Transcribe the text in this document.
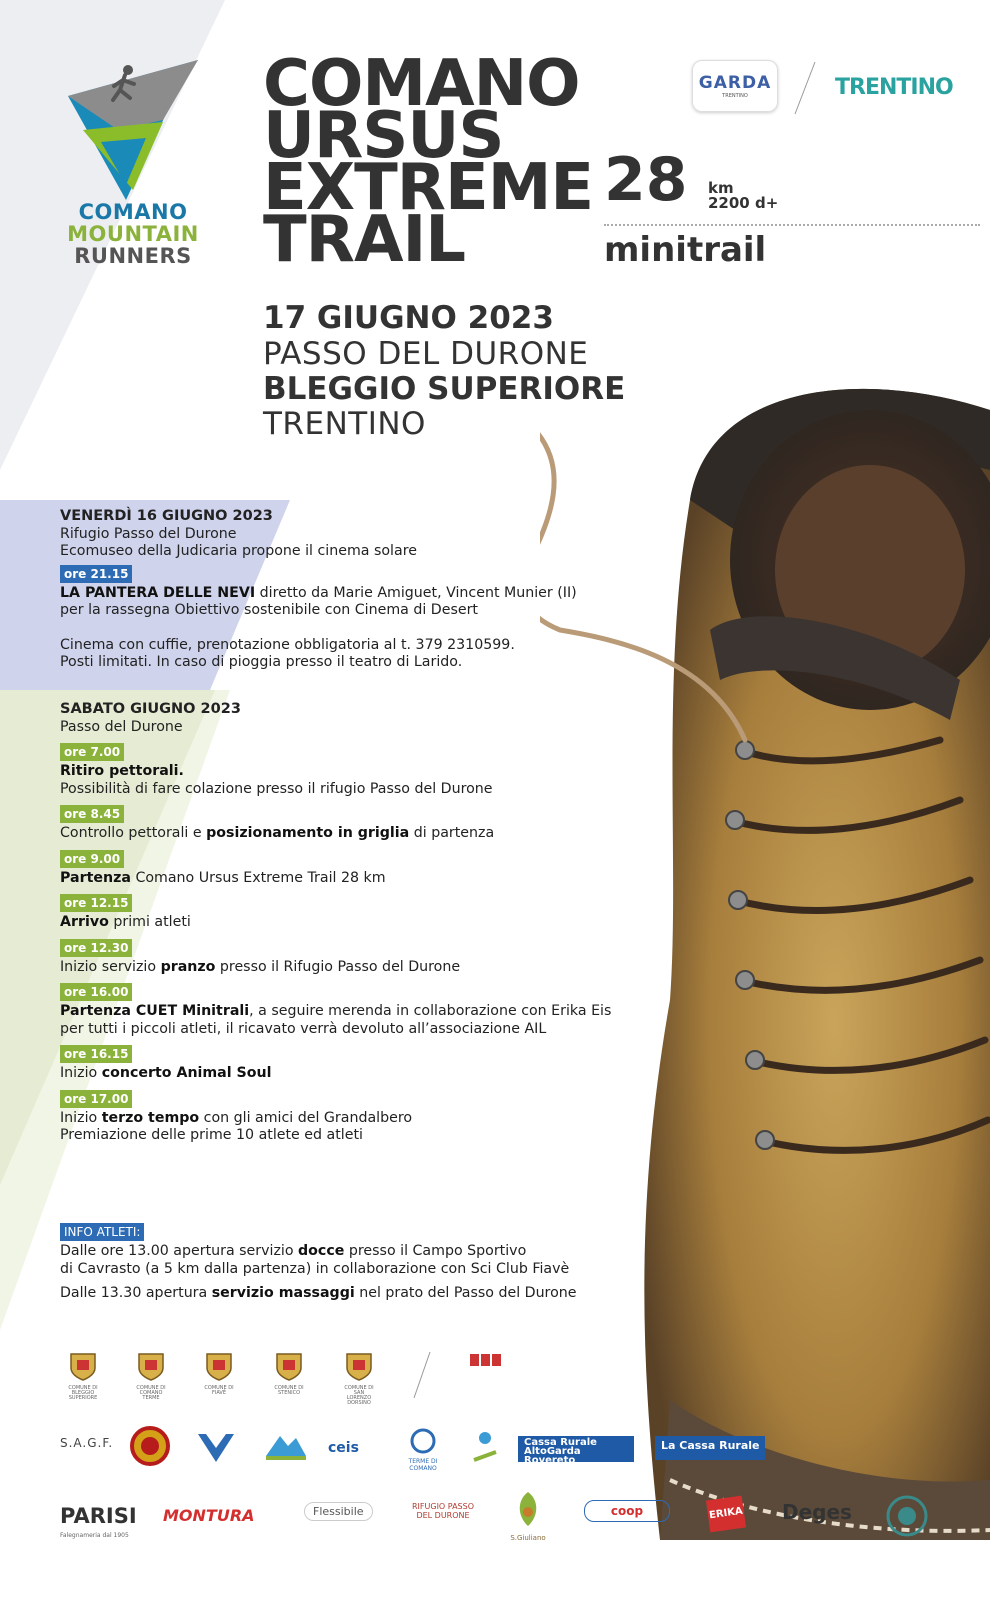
COMANO
MOUNTAIN
RUNNERS
COMANO
URSUS
EXTREME
TRAIL
GARDA
TRENTINO	TRENTINO
28 km
2200 d+
minitrail
17 GIUGNO 2023
PASSO DEL DURONE
BLEGGIO SUPERIORE
TRENTINO
VENERDÌ 16 GIUGNO 2023
Rifugio Passo del Durone
Ecomuseo della Judicaria propone il cinema solare
ore 21.15
LA PANTERA DELLE NEVI diretto da Marie Amiguet, Vincent Munier (II)
per la rassegna Obiettivo sostenibile con Cinema di Desert
Cinema con cuffie, prenotazione obbligatoria al t. 379 2310599.
Posti limitati. In caso di pioggia presso il teatro di Larido.
SABATO GIUGNO 2023
Passo del Durone
ore 7.00
Ritiro pettorali.
Possibilità di fare colazione presso il rifugio Passo del Durone
ore 8.45
Controllo pettorali e posizionamento in griglia di partenza
ore 9.00
Partenza Comano Ursus Extreme Trail 28 km
ore 12.15
Arrivo primi atleti
ore 12.30
Inizio servizio pranzo presso il Rifugio Passo del Durone
ore 16.00
Partenza CUET Minitrali, a seguire merenda in collaborazione con Erika Eis
per tutti i piccoli atleti, il ricavato verrà devoluto all’associazione AIL
ore 16.15
Inizio concerto Animal Soul
ore 17.00
Inizio terzo tempo con gli amici del Grandalbero
Premiazione delle prime 10 atlete ed atleti
INFO ATLETI:
Dalle ore 13.00 apertura servizio docce presso il Campo Sportivo
di Cavrasto (a 5 km dalla partenza) in collaborazione con Sci Club Fiavè
Dalle 13.30 apertura servizio massaggi nel prato del Passo del Durone
COMUNE DI BLEGGIO SUPERIORE
COMUNE DI COMANO TERME
COMUNE DI FIAVÈ
COMUNE DI STENICO
COMUNE DI SAN LORENZO DORSINO
S.A.G.F.	ceis
TERME DI COMANO
Cassa Rurale AltoGarda Rovereto
La Cassa Rurale
PARISI
Falegnameria dal 1905
MONTURA	Flessibile	RIFUGIO PASSO DEL DURONE
S.Giuliano
coop	ERIKA Deges
